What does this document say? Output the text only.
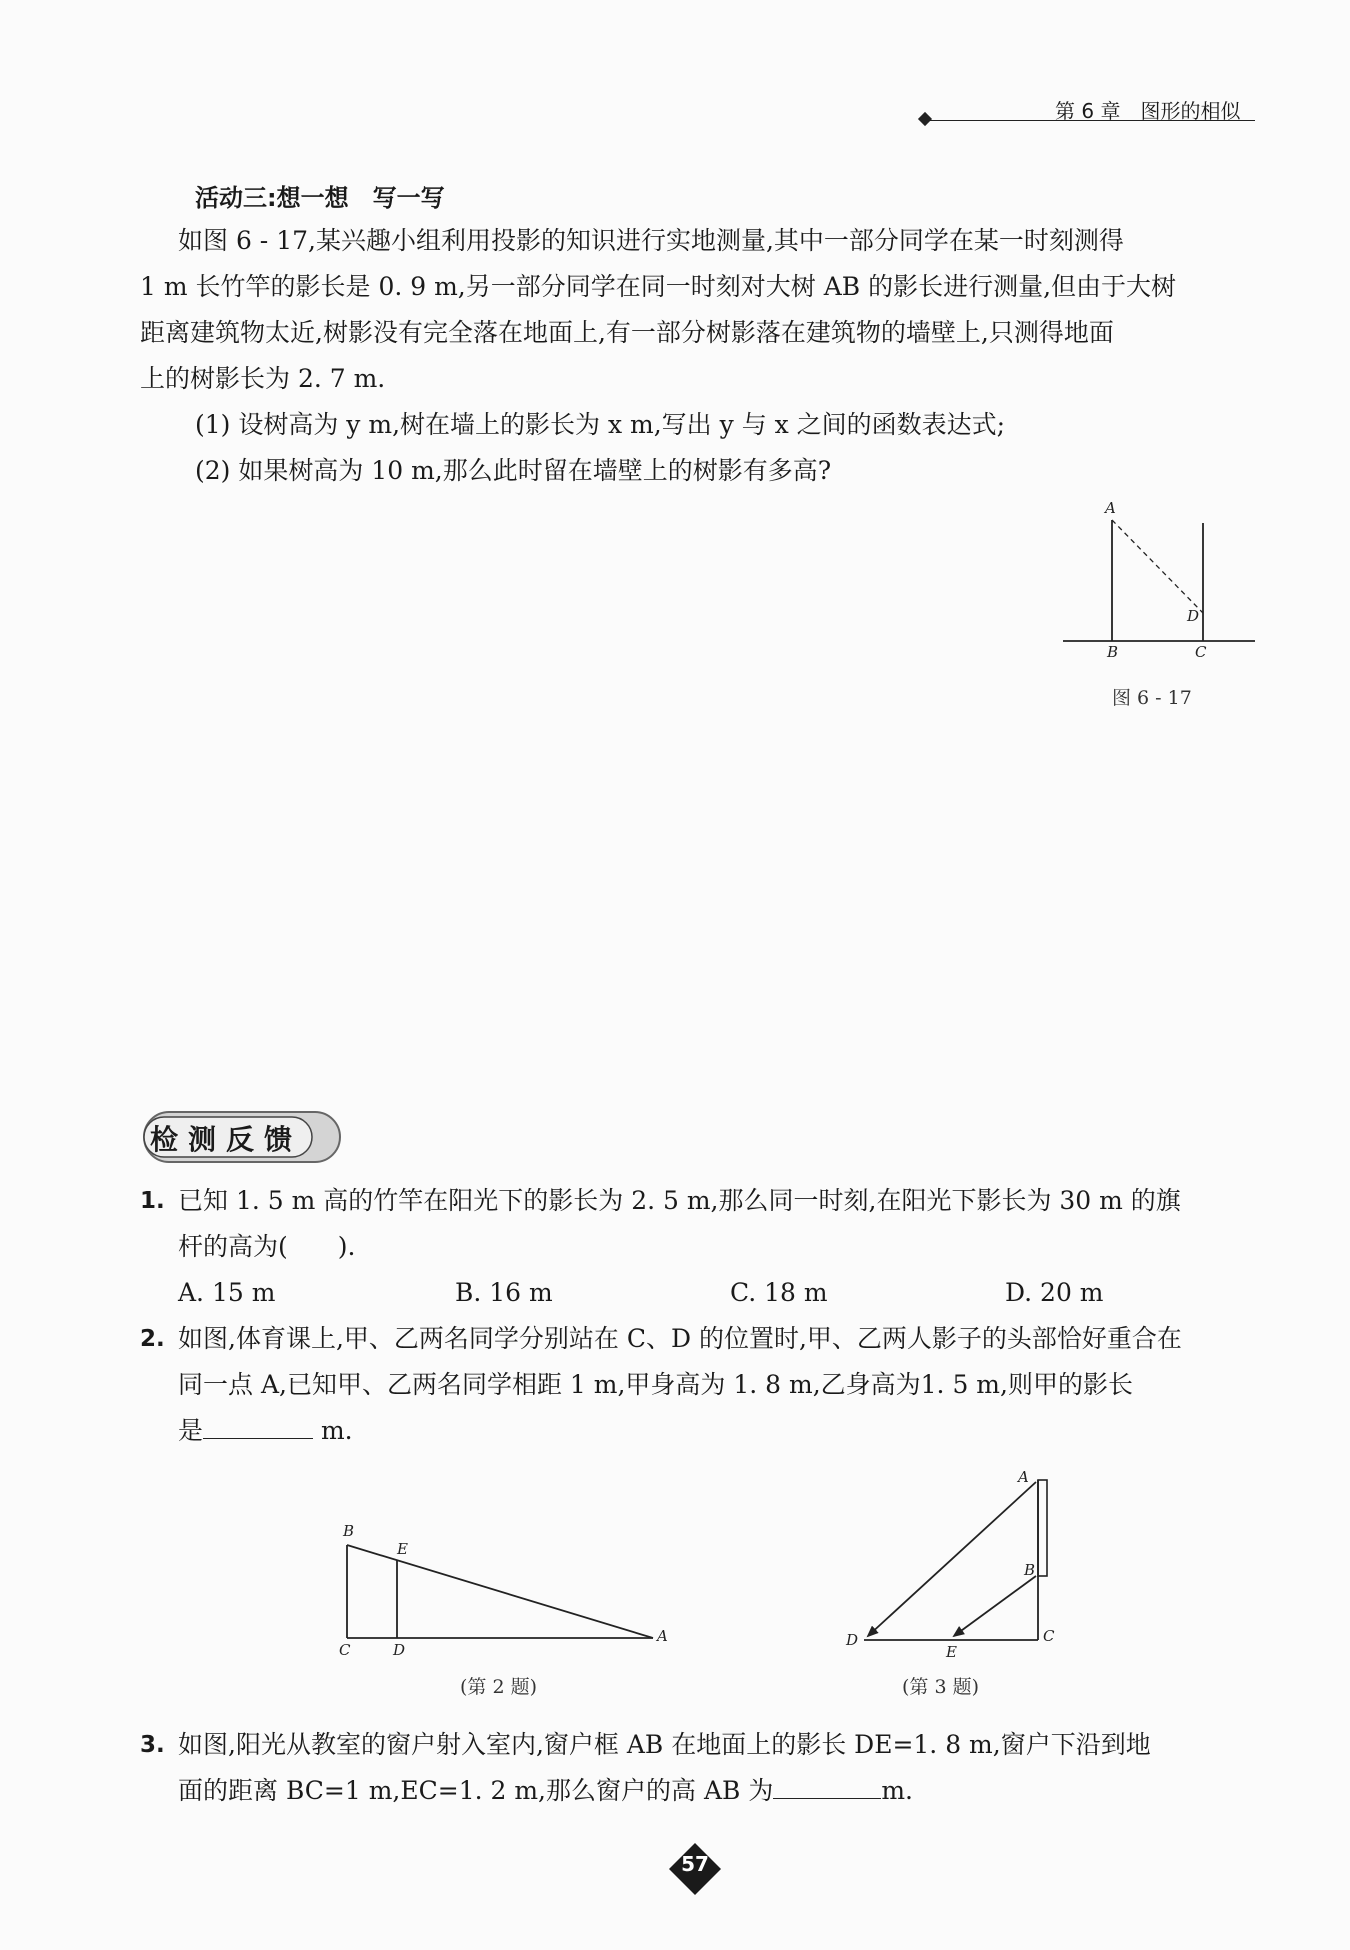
第 6 章　 图形的相似
活动三:想一想　写一写
如图 6 - 17,某兴趣小组利用投影的知识进行实地测量,其中一部分同学在某一时刻测得
1 m 长竹竿的影长是 0. 9 m,另一部分同学在同一时刻对大树 AB 的影长进行测量,但由于大树
距离建筑物太近,树影没有完全落在地面上,有一部分树影落在建筑物的墙壁上,只测得地面
上的树影长为 2. 7 m.
(1) 设树高为 y m,树在墙上的影长为 x m,写出 y 与 x 之间的函数表达式;
(2) 如果树高为 10 m,那么此时留在墙壁上的树影有多高?
A
B	C
D
图 6 - 17
检测反馈
1. 已知 1. 5 m 高的竹竿在阳光下的影长为 2. 5 m,那么同一时刻,在阳光下影长为 30 m 的旗
杆的高为(　　).
A. 15 m	B. 16 m	C. 18 m	D. 20 m
2. 如图,体育课上,甲、乙两名同学分别站在 C、D 的位置时,甲、乙两人影子的头部恰好重合在
同一点 A,已知甲、乙两名同学相距 1 m,甲身高为 1. 8 m,乙身高为1. 5 m,则甲的影长
是	m.
B
E
C	D
A
(第 2 题)
A
B
C
D
E
(第 3 题)
3. 如图,阳光从教室的窗户射入室内,窗户框 AB 在地面上的影长 DE=1. 8 m,窗户下沿到地
面的距离 BC=1 m,EC=1. 2 m,那么窗户的高 AB 为	m.
57
